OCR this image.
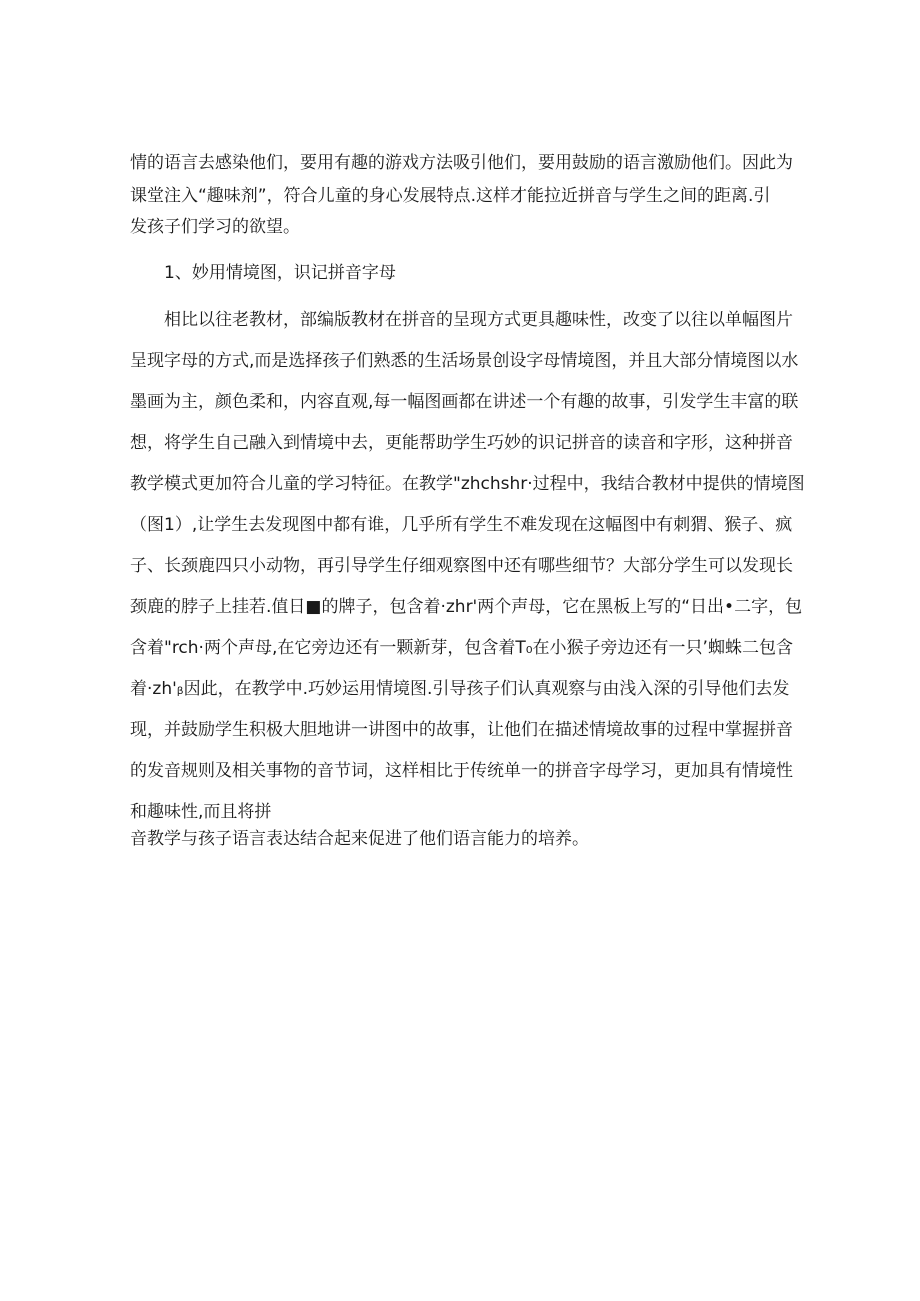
情的语言去感染他们，要用有趣的游戏方法吸引他们，要用鼓励的语言激励他们。因此为
课堂注入“趣味剂”，符合儿童的身心发展特点.这样才能拉近拼音与学生之间的距离.引
发孩子们学习的欲望。
1、妙用情境图，识记拼音字母
相比以往老教材，部编版教材在拼音的呈现方式更具趣味性，改变了以往以单幅图片
呈现字母的方式,而是选择孩子们熟悉的生活场景创设字母情境图，并且大部分情境图以水
墨画为主，颜色柔和，内容直观,每一幅图画都在讲述一个有趣的故事，引发学生丰富的联
想，将学生自己融入到情境中去，更能帮助学生巧妙的识记拼音的读音和字形，这种拼音
教学模式更加符合儿童的学习特征。在教学"zhchshr·过程中，我结合教材中提供的情境图
（图1）,让学生去发现图中都有谁，几乎所有学生不难发现在这幅图中有刺猬、猴子、疯
子、长颈鹿四只小动物，再引导学生仔细观察图中还有哪些细节？大部分学生可以发现长
颈鹿的脖子上挂若.值日■的牌子，包含着·zhr'两个声母，它在黑板上写的“日出•二字，包
含着"rch·两个声母,在它旁边还有一颗新芽，包含着T₀在小猴子旁边还有一只’蜘蛛二包含
着·zh'ᵦ因此，在教学中.巧妙运用情境图.引导孩子们认真观察与由浅入深的引导他们去发
现，并鼓励学生积极大胆地讲一讲图中的故事，让他们在描述情境故事的过程中掌握拼音
的发音规则及相关事物的音节词，这样相比于传统单一的拼音字母学习，更加具有情境性
和趣味性,而且将拼
音教学与孩子语言表达结合起来促进了他们语言能力的培养。
